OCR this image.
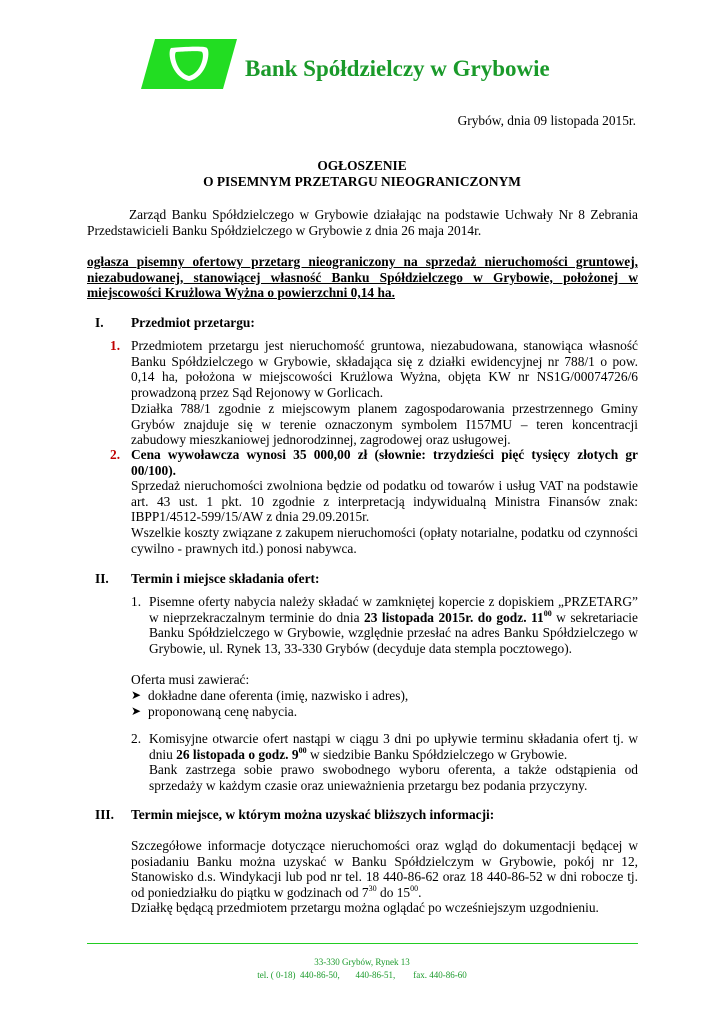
Bank Spółdzielczy w Grybowie
Grybów, dnia 09 listopada 2015r.
OGŁOSZENIE
O PISEMNYM PRZETARGU NIEOGRANICZONYM
Zarząd Banku Spółdzielczego w Grybowie działając na podstawie Uchwały Nr 8 Zebrania Przedstawicieli Banku Spółdzielczego w Grybowie z dnia 26 maja 2014r.
ogłasza pisemny ofertowy przetarg nieograniczony na sprzedaż nieruchomości gruntowej, niezabudowanej, stanowiącej własność Banku Spółdzielczego w Grybowie, położonej w miejscowości Krużlowa Wyżna o powierzchni 0,14 ha.
I. Przedmiot przetargu:
1. Przedmiotem przetargu jest nieruchomość gruntowa, niezabudowana, stanowiąca własność Banku Spółdzielczego w Grybowie, składająca się z działki ewidencyjnej nr 788/1 o pow. 0,14 ha, położona w miejscowości Krużlowa Wyżna, objęta KW nr NS1G/00074726/6 prowadzoną przez Sąd Rejonowy w Gorlicach.
Działka 788/1 zgodnie z miejscowym planem zagospodarowania przestrzennego Gminy Grybów znajduje się w terenie oznaczonym symbolem I157MU – teren koncentracji zabudowy mieszkaniowej jednorodzinnej, zagrodowej oraz usługowej.
2. Cena wywoławcza wynosi 35 000,00 zł (słownie: trzydzieści pięć tysięcy złotych gr 00/100).
Sprzedaż nieruchomości zwolniona będzie od podatku od towarów i usług VAT na podstawie art. 43 ust. 1 pkt. 10 zgodnie z interpretacją indywidualną Ministra Finansów znak: IBPP1/4512-599/15/AW z dnia 29.09.2015r.
Wszelkie koszty związane z zakupem nieruchomości (opłaty notarialne, podatku od czynności cywilno - prawnych itd.) ponosi nabywca.
II. Termin i miejsce składania ofert:
1. Pisemne oferty nabycia należy składać w zamkniętej kopercie z dopiskiem „PRZETARG” w nieprzekraczalnym terminie do dnia 23 listopada 2015r. do godz. $11^{00}$ w sekretariacie Banku Spółdzielczego w Grybowie, względnie przesłać na adres Banku Spółdzielczego w Grybowie, ul. Rynek 13, 33-330 Grybów (decyduje data stempla pocztowego).
Oferta musi zawierać:
➤ dokładne dane oferenta (imię, nazwisko i adres),
➤ proponowaną cenę nabycia.
2. Komisyjne otwarcie ofert nastąpi w ciągu 3 dni po upływie terminu składania ofert tj. w dniu 26 listopada o godz. $9^{00}$ w siedzibie Banku Spółdzielczego w Grybowie.
Bank zastrzega sobie prawo swobodnego wyboru oferenta, a także odstąpienia od sprzedaży w każdym czasie oraz unieważnienia przetargu bez podania przyczyny.
III. Termin miejsce, w którym można uzyskać bliższych informacji:
Szczegółowe informacje dotyczące nieruchomości oraz wgląd do dokumentacji będącej w posiadaniu Banku można uzyskać w Banku Spółdzielczym w Grybowie, pokój nr 12, Stanowisko d.s. Windykacji lub pod nr tel. 18 440-86-62 oraz 18 440-86-52 w dni robocze tj. od poniedziałku do piątku w godzinach od $7^{30}$ do $15^{00}$.
Działkę będącą przedmiotem przetargu można oglądać po wcześniejszym uzgodnieniu.
33-330 Grybów, Rynek 13
tel. ( 0-18) 440-86-50, 440-86-51, fax. 440-86-60
